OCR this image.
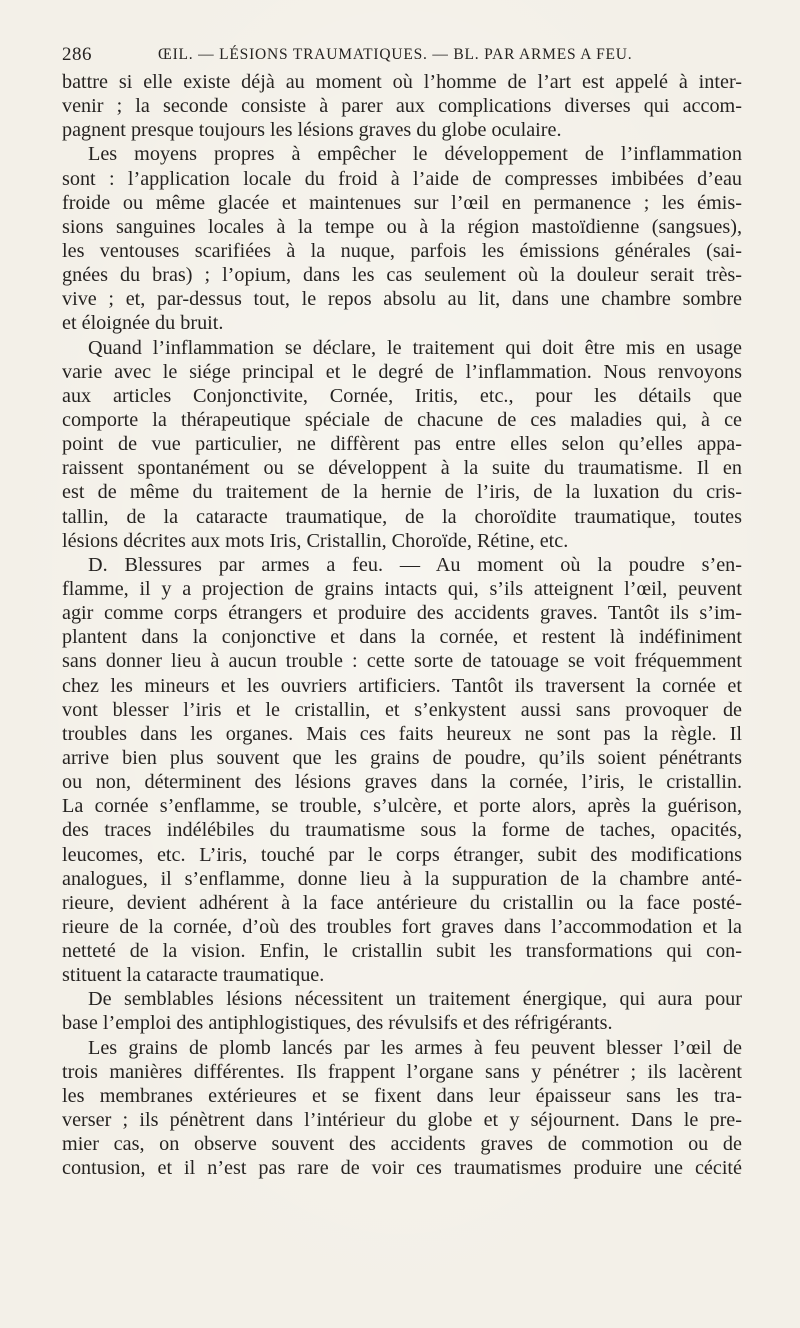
286	ŒIL. — LÉSIONS TRAUMATIQUES. — BL. PAR ARMES A FEU.
battre si elle existe déjà au moment où l’homme de l’art est appelé à inter-
venir ; la seconde consiste à parer aux complications diverses qui accom-
pagnent presque toujours les lésions graves du globe oculaire.
Les moyens propres à empêcher le développement de l’inflammation
sont : l’application locale du froid à l’aide de compresses imbibées d’eau
froide ou même glacée et maintenues sur l’œil en permanence ; les émis-
sions sanguines locales à la tempe ou à la région mastoïdienne (sangsues),
les ventouses scarifiées à la nuque, parfois les émissions générales (sai-
gnées du bras) ; l’opium, dans les cas seulement où la douleur serait très-
vive ; et, par-dessus tout, le repos absolu au lit, dans une chambre sombre
et éloignée du bruit.
Quand l’inflammation se déclare, le traitement qui doit être mis en usage
varie avec le siége principal et le degré de l’inflammation. Nous renvoyons
aux articles Conjonctivite, Cornée, Iritis, etc., pour les détails que
comporte la thérapeutique spéciale de chacune de ces maladies qui, à ce
point de vue particulier, ne diffèrent pas entre elles selon qu’elles appa-
raissent spontanément ou se développent à la suite du traumatisme. Il en
est de même du traitement de la hernie de l’iris, de la luxation du cris-
tallin, de la cataracte traumatique, de la choroïdite traumatique, toutes
lésions décrites aux mots Iris, Cristallin, Choroïde, Rétine, etc.
D. Blessures par armes a feu. — Au moment où la poudre s’en-
flamme, il y a projection de grains intacts qui, s’ils atteignent l’œil, peuvent
agir comme corps étrangers et produire des accidents graves. Tantôt ils s’im-
plantent dans la conjonctive et dans la cornée, et restent là indéfiniment
sans donner lieu à aucun trouble : cette sorte de tatouage se voit fréquemment
chez les mineurs et les ouvriers artificiers. Tantôt ils traversent la cornée et
vont blesser l’iris et le cristallin, et s’enkystent aussi sans provoquer de
troubles dans les organes. Mais ces faits heureux ne sont pas la règle. Il
arrive bien plus souvent que les grains de poudre, qu’ils soient pénétrants
ou non, déterminent des lésions graves dans la cornée, l’iris, le cristallin.
La cornée s’enflamme, se trouble, s’ulcère, et porte alors, après la guérison,
des traces indélébiles du traumatisme sous la forme de taches, opacités,
leucomes, etc. L’iris, touché par le corps étranger, subit des modifications
analogues, il s’enflamme, donne lieu à la suppuration de la chambre anté-
rieure, devient adhérent à la face antérieure du cristallin ou la face posté-
rieure de la cornée, d’où des troubles fort graves dans l’accommodation et la
netteté de la vision. Enfin, le cristallin subit les transformations qui con-
stituent la cataracte traumatique.
De semblables lésions nécessitent un traitement énergique, qui aura pour
base l’emploi des antiphlogistiques, des révulsifs et des réfrigérants.
Les grains de plomb lancés par les armes à feu peuvent blesser l’œil de
trois manières différentes. Ils frappent l’organe sans y pénétrer ; ils lacèrent
les membranes extérieures et se fixent dans leur épaisseur sans les tra-
verser ; ils pénètrent dans l’intérieur du globe et y séjournent. Dans le pre-
mier cas, on observe souvent des accidents graves de commotion ou de
contusion, et il n’est pas rare de voir ces traumatismes produire une cécité
